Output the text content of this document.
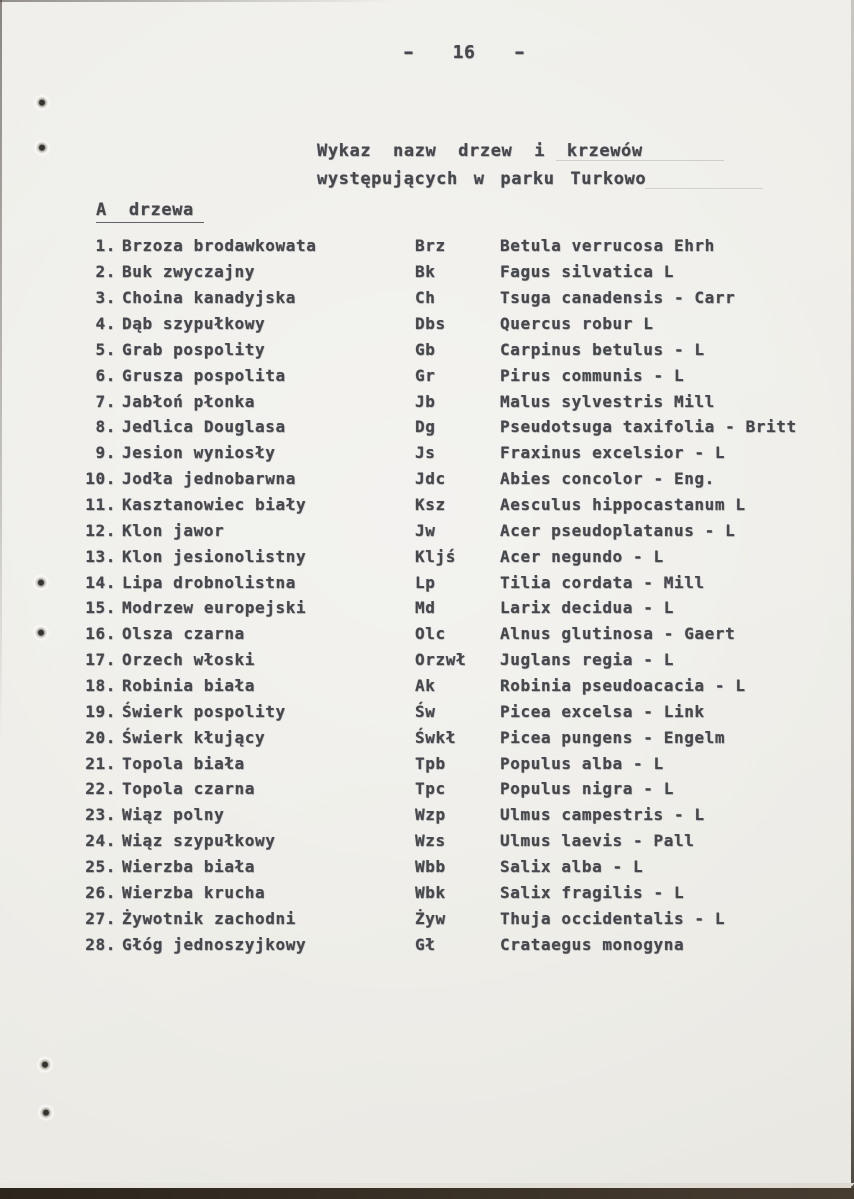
- 16 -
Wykaz nazw drzew i krzewów
występujących w parku Turkowo
A drzewa
1. Brzoza brodawkowata	Brz	Betula verrucosa Ehrh
2. Buk zwyczajny	Bk	Fagus silvatica L
3. Choina kanadyjska	Ch	Tsuga canadensis - Carr
4. Dąb szypułkowy	Dbs	Quercus robur L
5. Grab pospolity	Gb	Carpinus betulus - L
6. Grusza pospolita	Gr	Pirus communis - L
7. Jabłoń płonka	Jb	Malus sylvestris Mill
8. Jedlica Douglasa	Dg	Pseudotsuga taxifolia - Britt
9. Jesion wyniosły	Js	Fraxinus excelsior - L
10. Jodła jednobarwna	Jdc	Abies concolor - Eng.
11. Kasztanowiec biały	Ksz	Aesculus hippocastanum L
12. Klon jawor	Jw	Acer pseudoplatanus - L
13. Klon jesionolistny	Kljś	Acer negundo - L
14. Lipa drobnolistna	Lp	Tilia cordata - Mill
15. Modrzew europejski	Md	Larix decidua - L
16. Olsza czarna	Olc	Alnus glutinosa - Gaert
17. Orzech włoski	Orzwł	Juglans regia - L
18. Robinia biała	Ak	Robinia pseudoacacia - L
19. Świerk pospolity	Św	Picea excelsa - Link
20. Świerk kłujący	Śwkł	Picea pungens - Engelm
21. Topola biała	Tpb	Populus alba - L
22. Topola czarna	Tpc	Populus nigra - L
23. Wiąz polny	Wzp	Ulmus campestris - L
24. Wiąz szypułkowy	Wzs	Ulmus laevis - Pall
25. Wierzba biała	Wbb	Salix alba - L
26. Wierzba krucha	Wbk	Salix fragilis - L
27. Żywotnik zachodni	Żyw	Thuja occidentalis - L
28. Głóg jednoszyjkowy	Gł	Crataegus monogyna
